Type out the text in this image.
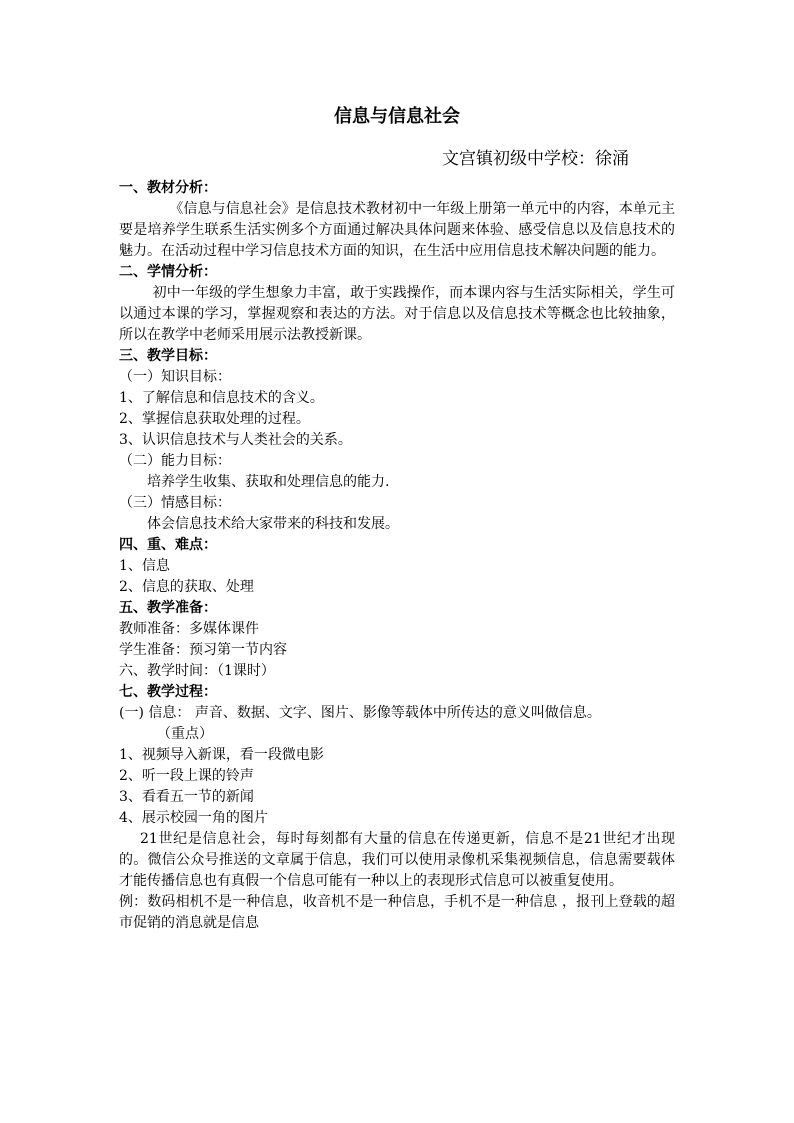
信息与信息社会

文宫镇初级中学校：徐涌

一、教材分析：

《信息与信息社会》是信息技术教材初中一年级上册第一单元中的内容，本单元主要是培养学生联系生活实例多个方面通过解决具体问题来体验、感受信息以及信息技术的魅力。在活动过程中学习信息技术方面的知识，在生活中应用信息技术解决问题的能力。

二、学情分析：

初中一年级的学生想象力丰富，敢于实践操作，而本课内容与生活实际相关，学生可以通过本课的学习，掌握观察和表达的方法。对于信息以及信息技术等概念也比较抽象，所以在教学中老师采用展示法教授新课。

三、教学目标：

（一）知识目标：

1、了解信息和信息技术的含义。

2、掌握信息获取处理的过程。

3、认识信息技术与人类社会的关系。

（二）能力目标：

培养学生收集、获取和处理信息的能力.

（三）情感目标：

体会信息技术给大家带来的科技和发展。

四、重、难点：

1、信息

2、信息的获取、处理

五、教学准备：

教师准备：多媒体课件

学生准备：预习第一节内容

六、教学时间：（1课时）

七、教学过程：

(一) 信息： 声音、数据、文字、图片、影像等载体中所传达的意义叫做信息。

（重点）

1、视频导入新课，看一段微电影

2、听一段上课的铃声

3、看看五一节的新闻

4、展示校园一角的图片

21世纪是信息社会，每时每刻都有大量的信息在传递更新，信息不是21世纪才出现的。微信公众号推送的文章属于信息，我们可以使用录像机采集视频信息，信息需要载体才能传播信息也有真假一个信息可能有一种以上的表现形式信息可以被重复使用。

例：数码相机不是一种信息，收音机不是一种信息，手机不是一种信息 ，报刊上登载的超市促销的消息就是信息
